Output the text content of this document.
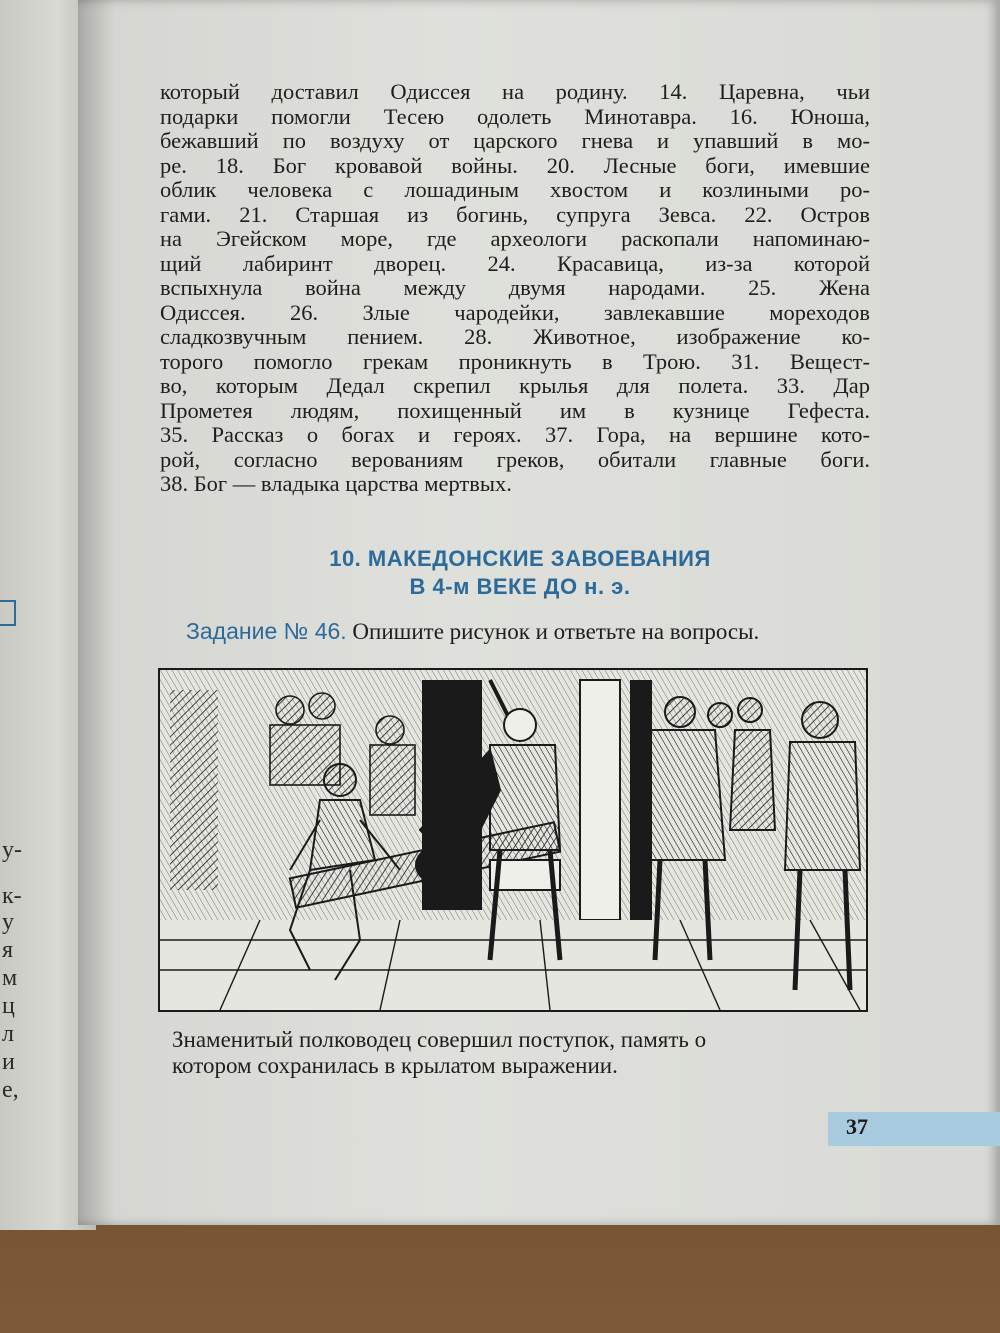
у-
к-
у
я
м
ц
л
и
е,

который доставил Одиссея на родину. 14. Царевна, чьи

подарки помогли Тесею одолеть Минотавра. 16. Юноша,

бежавший по воздуху от царского гнева и упавший в мо-

ре. 18. Бог кровавой войны. 20. Лесные боги, имевшие

облик человека с лошадиным хвостом и козлиными ро-

гами. 21. Старшая из богинь, супруга Зевса. 22. Остров

на Эгейском море, где археологи раскопали напоминаю-

щий лабиринт дворец. 24. Красавица, из-за которой

вспыхнула война между двумя народами. 25. Жена

Одиссея. 26. Злые чародейки, завлекавшие мореходов

сладкозвучным пением. 28. Животное, изображение ко-

торого помогло грекам проникнуть в Трою. 31. Вещест-

во, которым Дедал скрепил крылья для полета. 33. Дар

Прометея людям, похищенный им в кузнице Гефеста.

35. Рассказ о богах и героях. 37. Гора, на вершине кото-

рой, согласно верованиям греков, обитали главные боги.

38. Бог — владыка царства мертвых.

10. МАКЕДОНСКИЕ ЗАВОЕВАНИЯ
В 4-м ВЕКЕ ДО н. э.
Задание № 46. Опишите рисунок и ответьте на вопросы.

Знаменитый полководец совершил поступок, память о

котором сохранилась в крылатом выражении.

37
